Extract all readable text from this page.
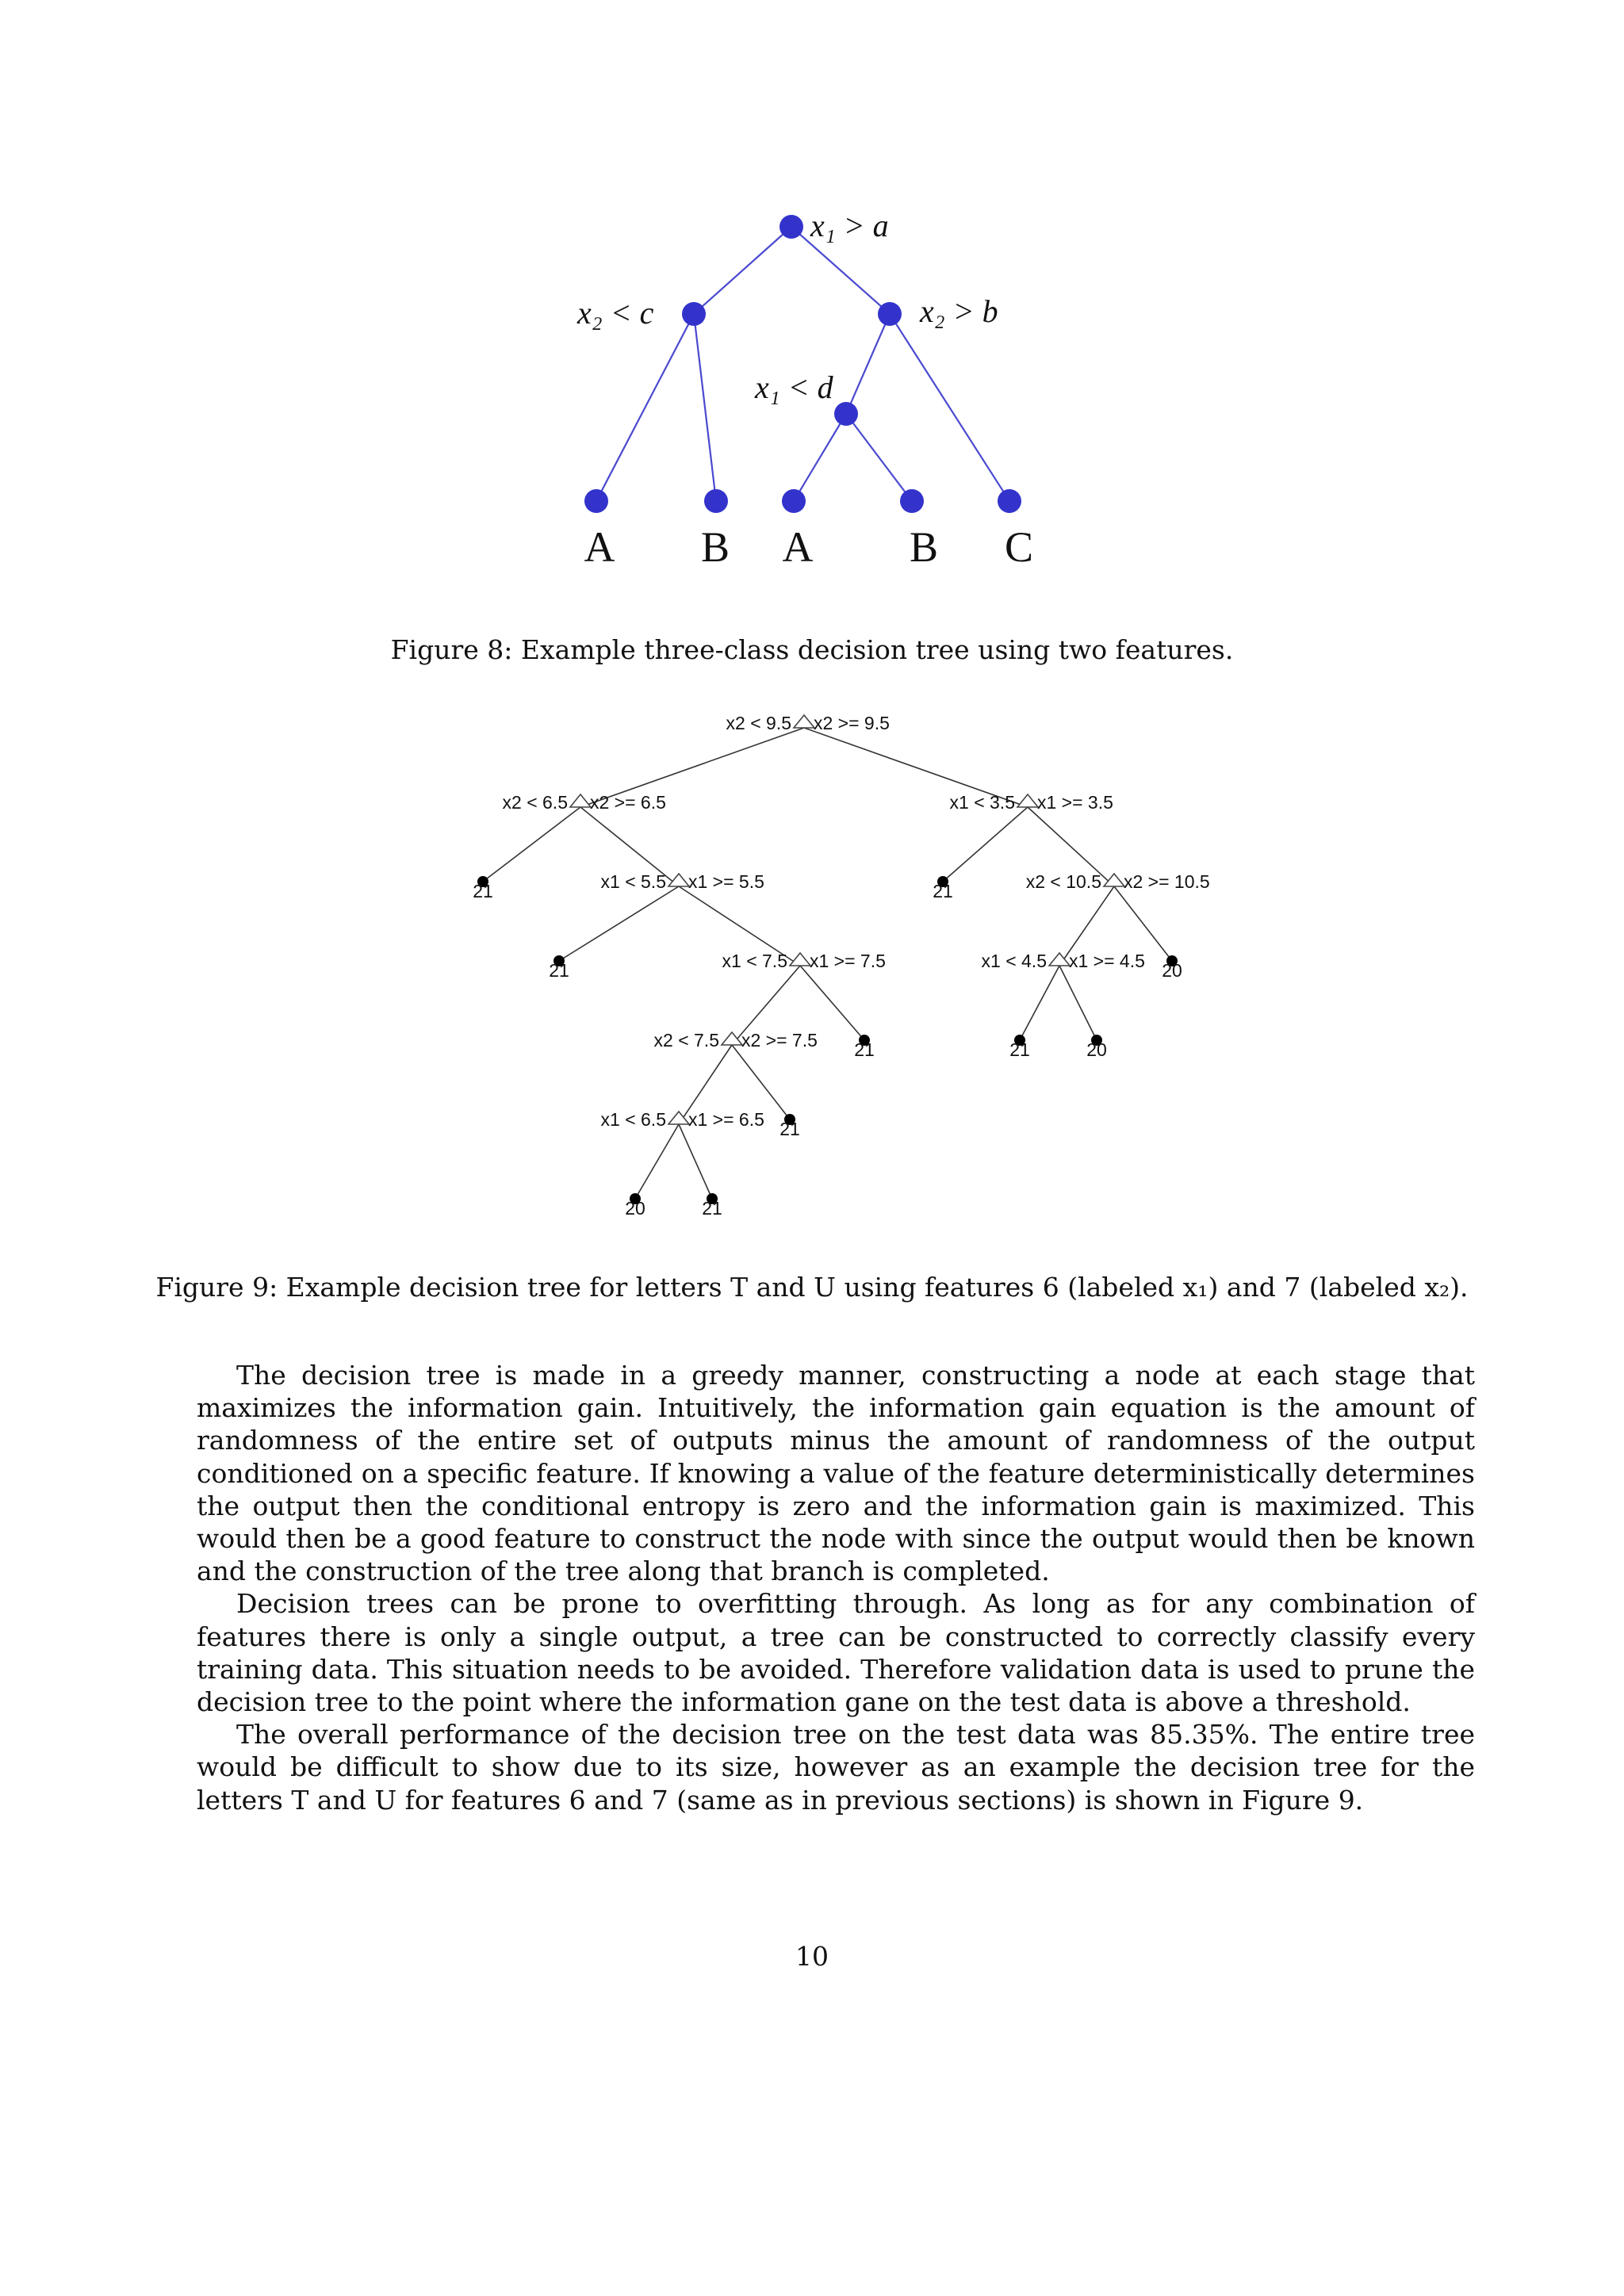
x₁ > a
x₂ < c	x₂ > b
x₁ < d
A B A B C
Figure 8: Example three-class decision tree using two features.
x2 < 9.5 x2 >= 9.5
x2 < 6.5 x2 >= 6.5
x1 < 5.5 x1 >= 5.5
x1 < 7.5 x1 >= 7.5
x2 < 7.5 x2 >= 7.5
x1 < 6.5 x1 >= 6.5
x1 < 3.5 x1 >= 3.5
x2 < 10.5 x2 >= 10.5
x1 < 4.5 x1 >= 4.5
21
21
21
21
20	21
21
21	20
20
Figure 9: Example decision tree for letters T and U using features 6 (labeled x₁) and 7 (labeled x₂).

The decision tree is made in a greedy manner, constructing a node at each stage that maximizes the information gain. Intuitively, the information gain equation is the amount of randomness of the entire set of outputs minus the amount of randomness of the output conditioned on a specific feature. If knowing a value of the feature deterministically determines the output then the conditional entropy is zero and the information gain is maximized. This would then be a good feature to construct the node with since the output would then be known and the construction of the tree along that branch is completed.

Decision trees can be prone to overfitting through. As long as for any combination of features there is only a single output, a tree can be constructed to correctly classify every training data. This situation needs to be avoided. Therefore validation data is used to prune the decision tree to the point where the information gane on the test data is above a threshold.

The overall performance of the decision tree on the test data was 85.35%. The entire tree would be difficult to show due to its size, however as an example the decision tree for the letters T and U for features 6 and 7 (same as in previous sections) is shown in Figure 9.

10
